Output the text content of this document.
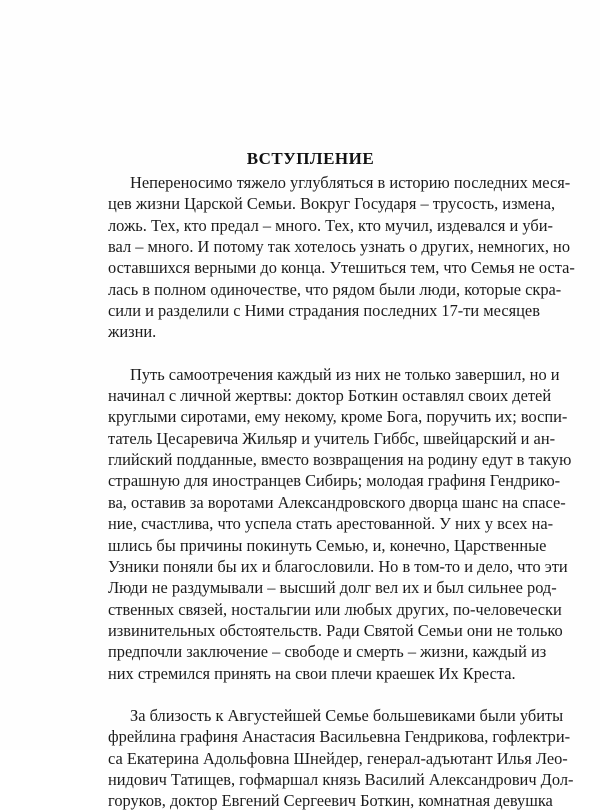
ВСТУПЛЕНИЕ
Непереносимо тяжело углубляться в историю последних меся-
цев жизни Царской Семьи. Вокруг Государя – трусость, измена,
ложь. Тех, кто предал – много. Тех, кто мучил, издевался и уби-
вал – много. И потому так хотелось узнать о других, немногих, но
оставшихся верными до конца. Утешиться тем, что Семья не оста-
лась в полном одиночестве, что рядом были люди, которые скра-
сили и разделили с Ними страдания последних 17-ти месяцев
жизни.
Путь самоотречения каждый из них не только завершил, но и
начинал с личной жертвы: доктор Боткин оставлял своих детей
круглыми сиротами, ему некому, кроме Бога, поручить их; воспи-
татель Цесаревича Жильяр и учитель Гиббс, швейцарский и ан-
глийский подданные, вместо возвращения на родину едут в такую
страшную для иностранцев Сибирь; молодая графиня Гендрико-
ва, оставив за воротами Александровского дворца шанс на спасе-
ние, счастлива, что успела стать арестованной. У них у всех на-
шлись бы причины покинуть Семью, и, конечно, Царственные
Узники поняли бы их и благословили. Но в том-то и дело, что эти
Люди не раздумывали – высший долг вел их и был сильнее род-
ственных связей, ностальгии или любых других, по-человечески
извинительных обстоятельств. Ради Святой Семьи они не только
предпочли заключение – свободе и смерть – жизни, каждый из
них стремился принять на свои плечи краешек Их Креста.
За близость к Августейшей Семье большевиками были убиты
фрейлина графиня Анастасия Васильевна Гендрикова, гофлектри-
са Екатерина Адольфовна Шнейдер, генерал-адъютант Илья Лео-
нидович Татищев, гофмаршал князь Василий Александрович Дол-
горуков, доктор Евгений Сергеевич Боткин, комнатная девушка
